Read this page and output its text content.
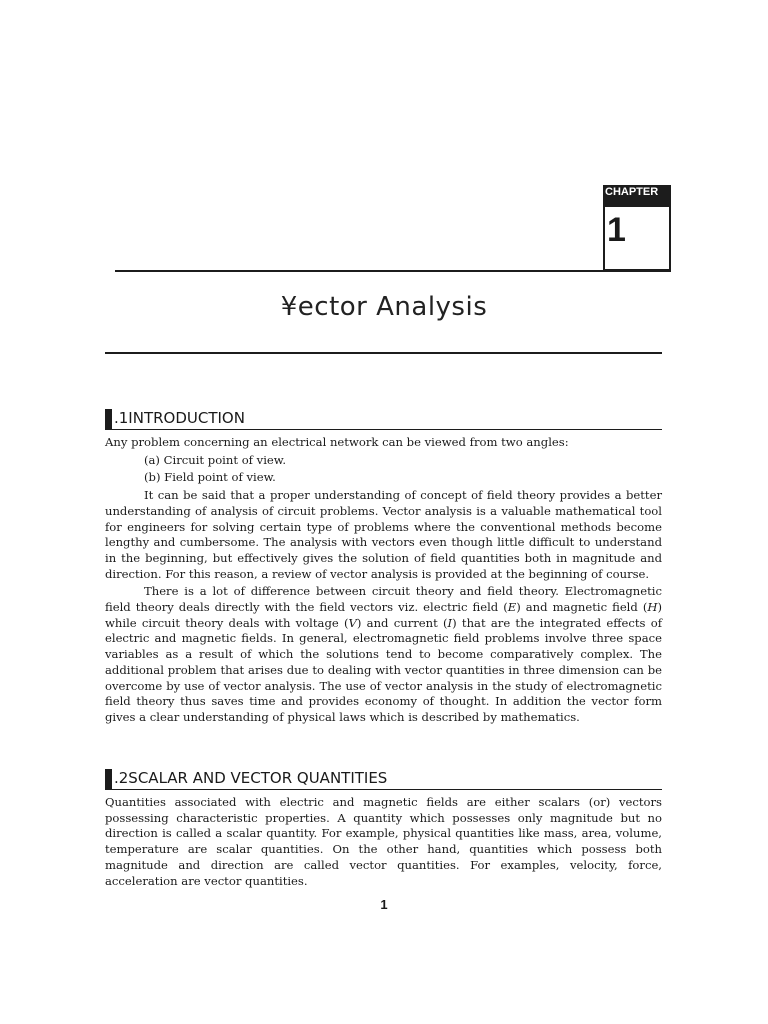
CHAPTER
1
¥ector Analysis
.1INTRODUCTION

Any problem concerning an electrical network can be viewed from two angles:

(a) Circuit point of view.

(b) Field point of view.

It can be said that a proper understanding of concept of field theory provides a better understanding of analysis of circuit problems. Vector analysis is a valuable mathematical tool for engineers for solving certain type of problems where the conventional methods become lengthy and cumbersome. The analysis with vectors even though little difficult to understand in the beginning, but effectively gives the solution of field quantities both in magnitude and direction. For this reason, a review of vector analysis is provided at the beginning of course.

There is a lot of difference between circuit theory and field theory. Electromagnetic field theory deals directly with the field vectors viz. electric field (E) and magnetic field (H) while circuit theory deals with voltage (V) and current (I) that are the integrated effects of electric and magnetic fields. In general, electromagnetic field problems involve three space variables as a result of which the solutions tend to become comparatively complex. The additional problem that arises due to dealing with vector quantities in three dimension can be overcome by use of vector analysis. The use of vector analysis in the study of electromagnetic field theory thus saves time and provides economy of thought. In addition the vector form gives a clear understanding of physical laws which is described by mathematics.

.2SCALAR AND VECTOR QUANTITIES

Quantities associated with electric and magnetic fields are either scalars (or) vectors possessing characteristic properties. A quantity which possesses only magnitude but no direction is called a scalar quantity. For example, physical quantities like mass, area, volume, temperature are scalar quantities. On the other hand, quantities which possess both magnitude and direction are called vector quantities. For examples, velocity, force, acceleration are vector quantities.

1
